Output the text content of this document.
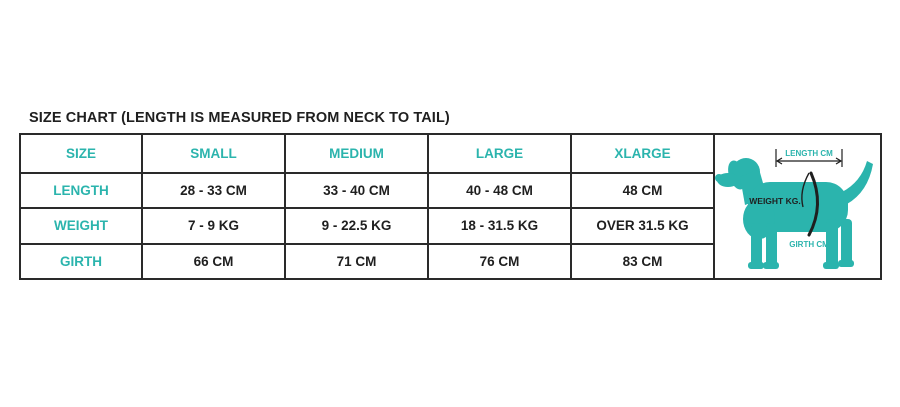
SIZE CHART (LENGTH IS MEASURED FROM NECK TO TAIL)
SIZE	SMALL	MEDIUM	LARGE	XLARGE	LENGTH CM
WEIGHT KG.
GIRTH CM

LENGTH	28 - 33 CM	33 - 40 CM	40 - 48 CM	48 CM	
WEIGHT	7 - 9 KG	9 - 22.5 KG	18 - 31.5 KG	OVER 31.5 KG	
GIRTH	66 CM	71 CM	76 CM	83 CM	
